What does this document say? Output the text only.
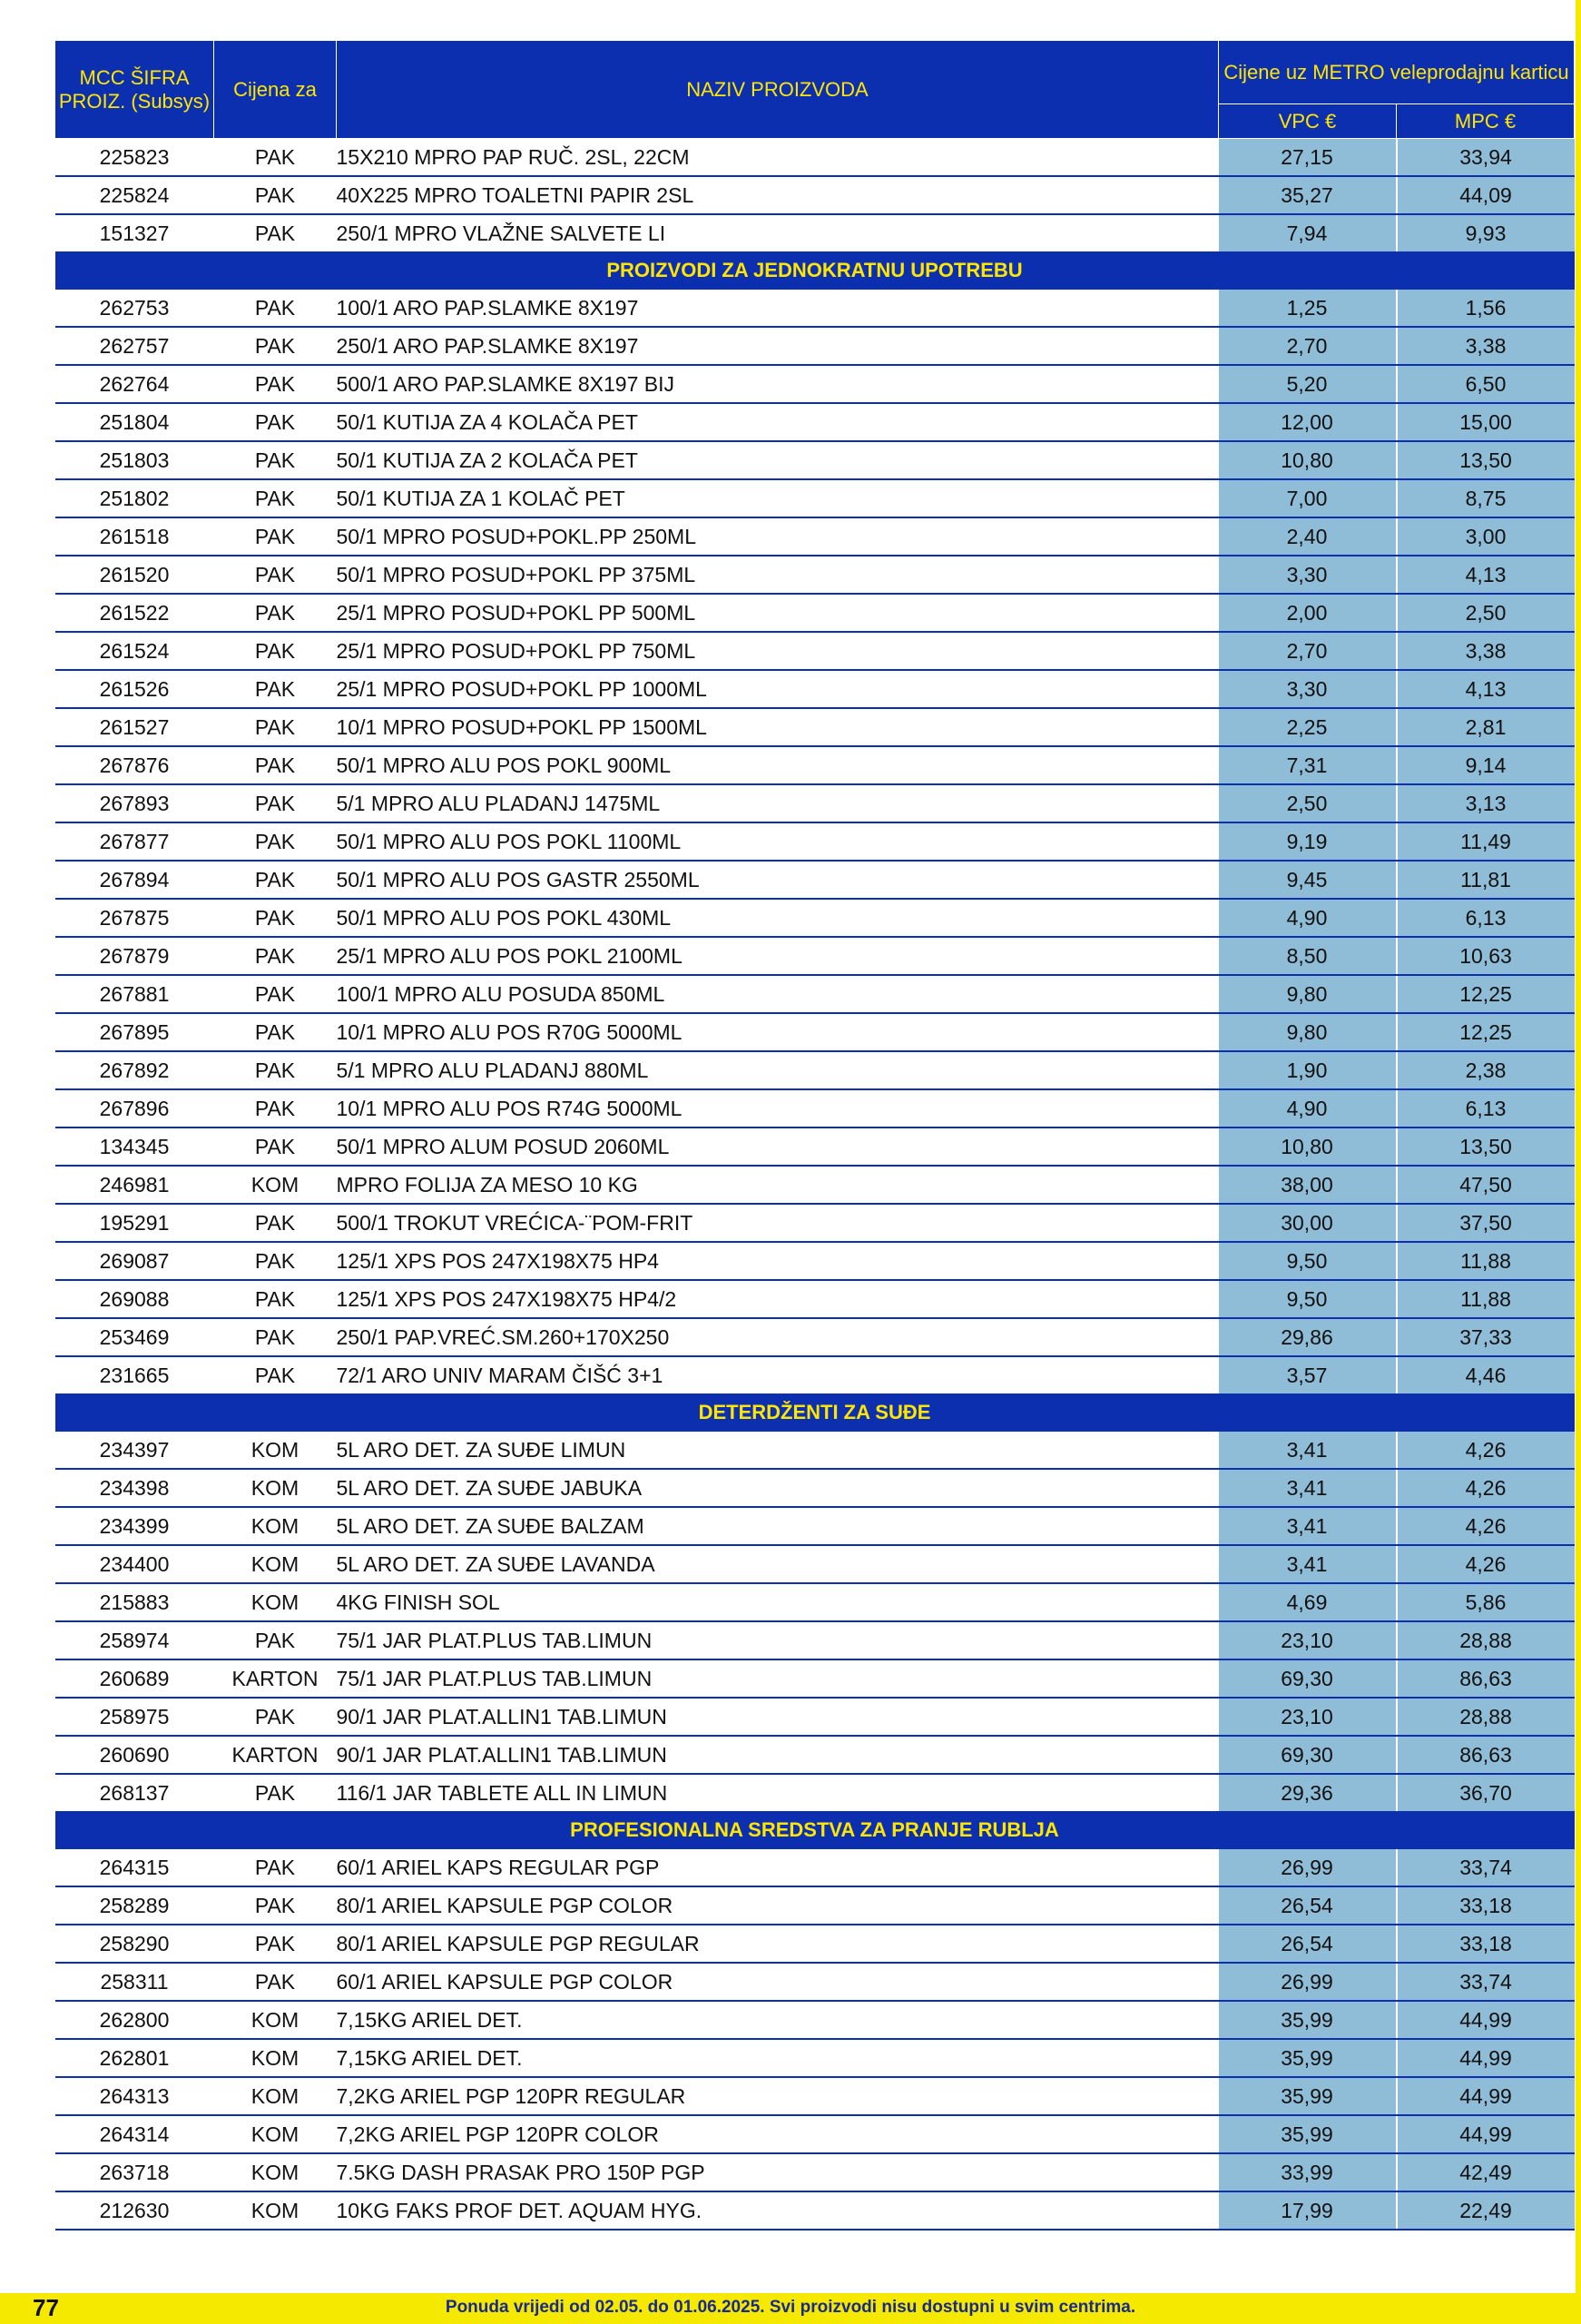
MCC ŠIFRA PROIZ. (Subsys)	Cijena za	NAZIV PROIZVODA	Cijene uz METRO veleprodajnu karticu	
			VPC €	MPC €
225823	PAK	15X210 MPRO PAP RUČ. 2SL, 22CM	27,15	33,94
225824	PAK	40X225 MPRO TOALETNI PAPIR 2SL	35,27	44,09
151327	PAK	250/1 MPRO VLAŽNE SALVETE LI	7,94	9,93
PROIZVODI ZA JEDNOKRATNU UPOTREBU				
262753	PAK	100/1 ARO PAP.SLAMKE 8X197	1,25	1,56
262757	PAK	250/1 ARO PAP.SLAMKE 8X197	2,70	3,38
262764	PAK	500/1 ARO PAP.SLAMKE 8X197 BIJ	5,20	6,50
251804	PAK	50/1 KUTIJA ZA 4 KOLAČA PET	12,00	15,00
251803	PAK	50/1 KUTIJA ZA 2 KOLAČA PET	10,80	13,50
251802	PAK	50/1 KUTIJA ZA 1 KOLAČ PET	7,00	8,75
261518	PAK	50/1 MPRO POSUD+POKL.PP 250ML	2,40	3,00
261520	PAK	50/1 MPRO POSUD+POKL PP 375ML	3,30	4,13
261522	PAK	25/1 MPRO POSUD+POKL PP 500ML	2,00	2,50
261524	PAK	25/1 MPRO POSUD+POKL PP 750ML	2,70	3,38
261526	PAK	25/1 MPRO POSUD+POKL PP 1000ML	3,30	4,13
261527	PAK	10/1 MPRO POSUD+POKL PP 1500ML	2,25	2,81
267876	PAK	50/1 MPRO ALU POS POKL 900ML	7,31	9,14
267893	PAK	5/1 MPRO ALU PLADANJ 1475ML	2,50	3,13
267877	PAK	50/1 MPRO ALU POS POKL 1100ML	9,19	11,49
267894	PAK	50/1 MPRO ALU POS GASTR 2550ML	9,45	11,81
267875	PAK	50/1 MPRO ALU POS POKL 430ML	4,90	6,13
267879	PAK	25/1 MPRO ALU POS POKL 2100ML	8,50	10,63
267881	PAK	100/1 MPRO ALU POSUDA 850ML	9,80	12,25
267895	PAK	10/1 MPRO ALU POS R70G 5000ML	9,80	12,25
267892	PAK	5/1 MPRO ALU PLADANJ 880ML	1,90	2,38
267896	PAK	10/1 MPRO ALU POS R74G 5000ML	4,90	6,13
134345	PAK	50/1 MPRO ALUM POSUD 2060ML	10,80	13,50
246981	KOM	MPRO FOLIJA ZA MESO 10 KG	38,00	47,50
195291	PAK	500/1 TROKUT VREĆICA-¨POM-FRIT	30,00	37,50
269087	PAK	125/1 XPS POS 247X198X75 HP4	9,50	11,88
269088	PAK	125/1 XPS POS 247X198X75 HP4/2	9,50	11,88
253469	PAK	250/1 PAP.VREĆ.SM.260+170X250	29,86	37,33
231665	PAK	72/1 ARO UNIV MARAM ČIŠĆ 3+1	3,57	4,46
DETERDŽENTI ZA SUĐE				
234397	KOM	5L ARO DET. ZA SUĐE LIMUN	3,41	4,26
234398	KOM	5L ARO DET. ZA SUĐE JABUKA	3,41	4,26
234399	KOM	5L ARO DET. ZA SUĐE BALZAM	3,41	4,26
234400	KOM	5L ARO DET. ZA SUĐE LAVANDA	3,41	4,26
215883	KOM	4KG FINISH SOL	4,69	5,86
258974	PAK	75/1 JAR PLAT.PLUS TAB.LIMUN	23,10	28,88
260689	KARTON	75/1 JAR PLAT.PLUS TAB.LIMUN	69,30	86,63
258975	PAK	90/1 JAR PLAT.ALLIN1 TAB.LIMUN	23,10	28,88
260690	KARTON	90/1 JAR PLAT.ALLIN1 TAB.LIMUN	69,30	86,63
268137	PAK	116/1 JAR TABLETE ALL IN LIMUN	29,36	36,70
PROFESIONALNA SREDSTVA ZA PRANJE RUBLJA				
264315	PAK	60/1 ARIEL KAPS REGULAR PGP	26,99	33,74
258289	PAK	80/1 ARIEL KAPSULE PGP COLOR	26,54	33,18
258290	PAK	80/1 ARIEL KAPSULE PGP REGULAR	26,54	33,18
258311	PAK	60/1 ARIEL KAPSULE PGP COLOR	26,99	33,74
262800	KOM	7,15KG ARIEL DET.	35,99	44,99
262801	KOM	7,15KG ARIEL DET.	35,99	44,99
264313	KOM	7,2KG ARIEL PGP 120PR REGULAR	35,99	44,99
264314	KOM	7,2KG ARIEL PGP 120PR COLOR	35,99	44,99
263718	KOM	7.5KG DASH PRASAK PRO 150P PGP	33,99	42,49
212630	KOM	10KG FAKS PROF DET. AQUAM HYG.	17,99	22,49
77	Ponuda vrijedi od 02.05. do 01.06.2025. Svi proizvodi nisu dostupni u svim centrima.
